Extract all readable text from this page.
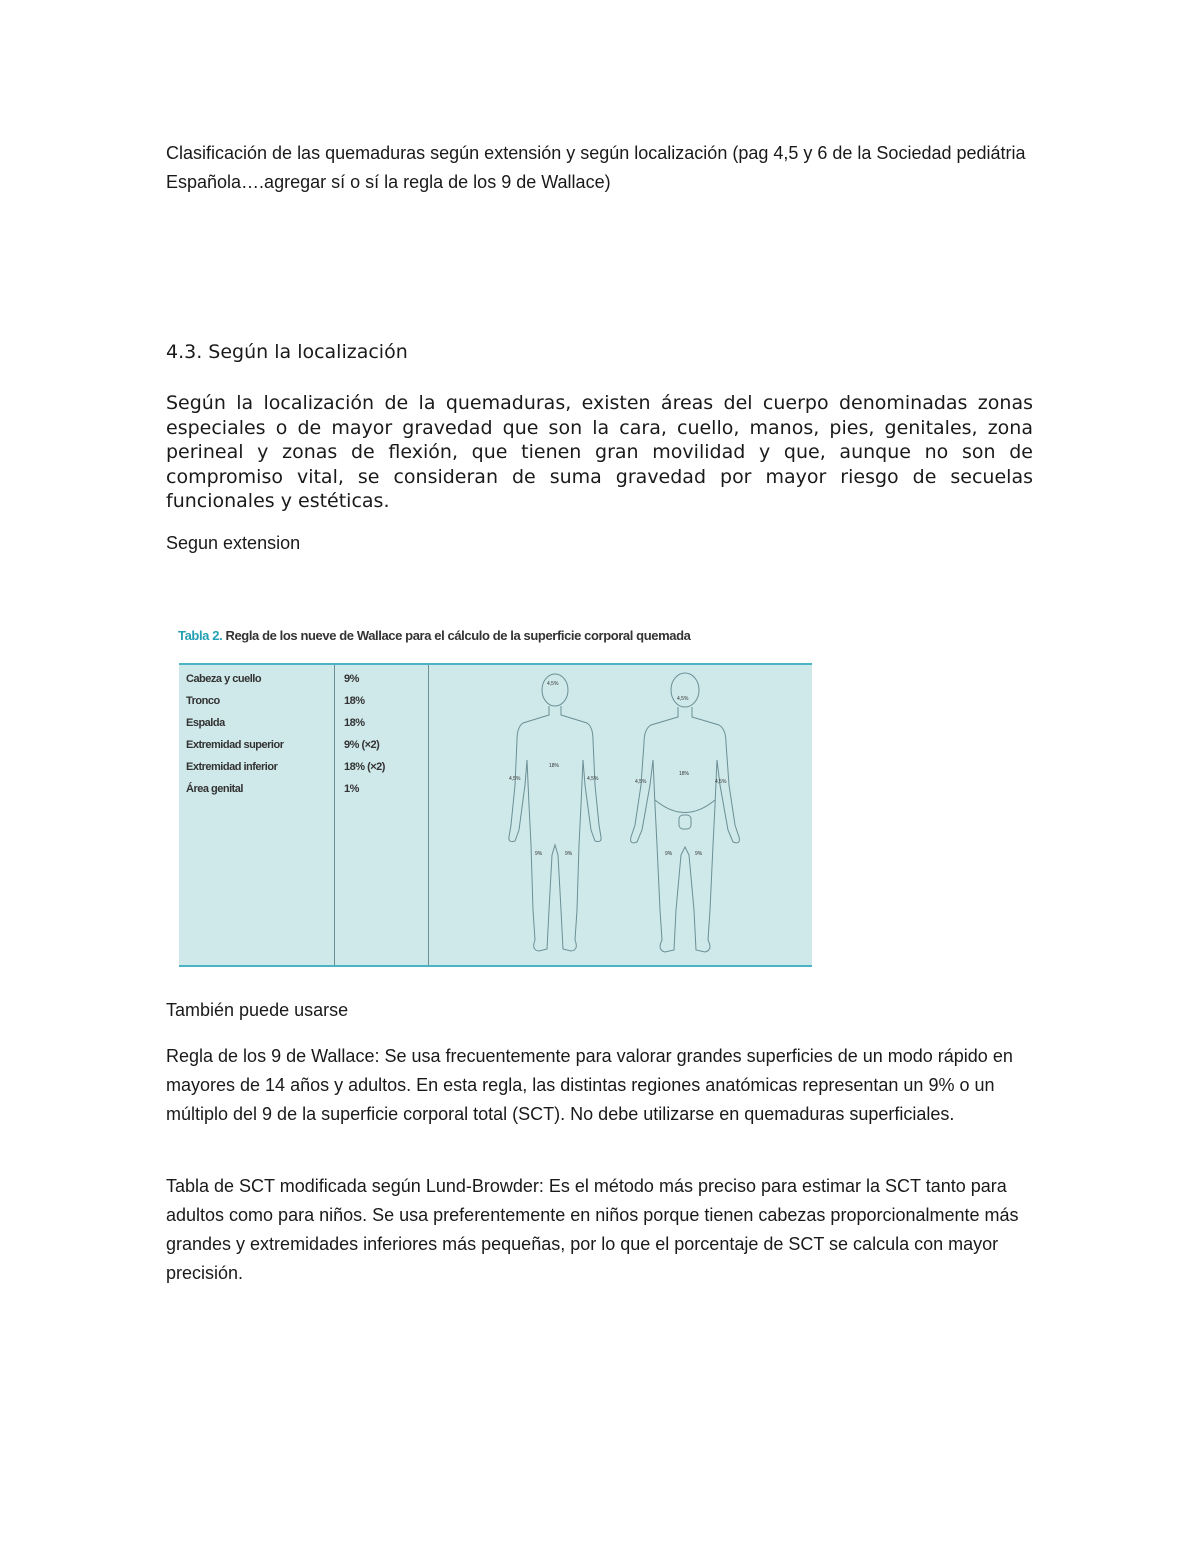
Clasificación de las quemaduras según extensión y según localización (pag 4,5 y 6 de la Sociedad pediátria Española….agregar sí o sí la regla de los 9 de Wallace)

4.3. Según la localización

Según la localización de la quemaduras, existen áreas del cuerpo denominadas zonas especiales o de mayor gravedad que son la cara, cuello, manos, pies, genitales, zona perineal y zonas de flexión, que tienen gran movilidad y que, aunque no son de compromiso vital, se consideran de suma gravedad por mayor riesgo de secuelas funcionales y estéticas.

Segun extension

Tabla 2. Regla de los nueve de Wallace para el cálculo de la superficie corporal quemada
Cabeza y cuello	9%
Tronco	18%
Espalda	18%
Extremidad superior	9% (×2)
Extremidad inferior	18% (×2)
Área genital	1%
4,5%
18%
4,5%	4,5%
9%	9%
4,5%
18%
4,5%	4,5%
9%	9%

También puede usarse

Regla de los 9 de Wallace: Se usa frecuentemente para valorar grandes superficies de un modo rápido en mayores de 14 años y adultos. En esta regla, las distintas regiones anatómicas representan un 9% o un múltiplo del 9 de la superficie corporal total (SCT). No debe utilizarse en quemaduras superficiales.

Tabla de SCT modificada según Lund-Browder: Es el método más preciso para estimar la SCT tanto para adultos como para niños. Se usa preferentemente en niños porque tienen cabezas proporcionalmente más grandes y extremidades inferiores más pequeñas, por lo que el porcentaje de SCT se calcula con mayor precisión.
